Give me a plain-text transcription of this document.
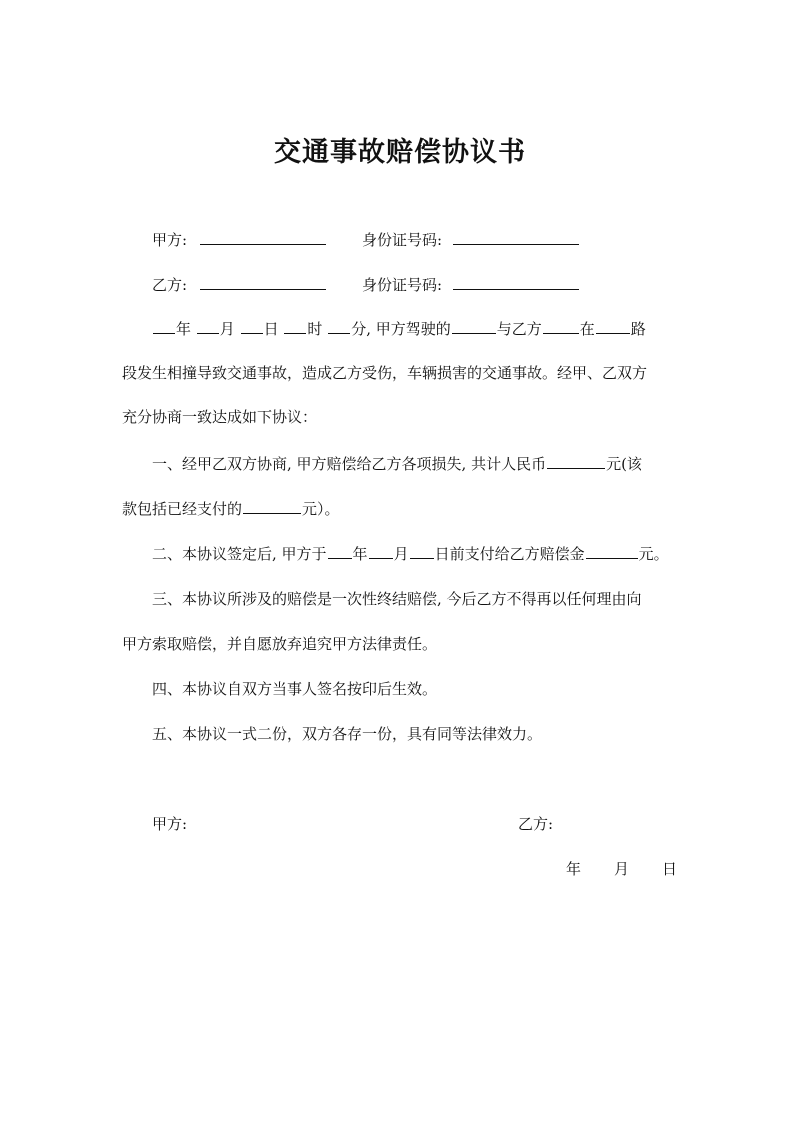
交通事故赔偿协议书
甲方:	身份证号码:
乙方:	身份证号码:
年 月 日 时 分, 甲方驾驶的	与乙方	在 路
段发生相撞导致交通事故，造成乙方受伤，车辆损害的交通事故。经甲、乙双方
充分协商一致达成如下协议：
一、经甲乙双方协商, 甲方赔偿给乙方各项损失, 共计人民币	元(该
款包括已经支付的	元）。
二、本协议签定后, 甲方于 年 月 日前支付给乙方赔偿金	元。
三、本协议所涉及的赔偿是一次性终结赔偿, 今后乙方不得再以任何理由向
甲方索取赔偿，并自愿放弃追究甲方法律责任。
四、本协议自双方当事人签名按印后生效。
五、本协议一式二份，双方各存一份，具有同等法律效力。
甲方:	乙方:
年 月 日
